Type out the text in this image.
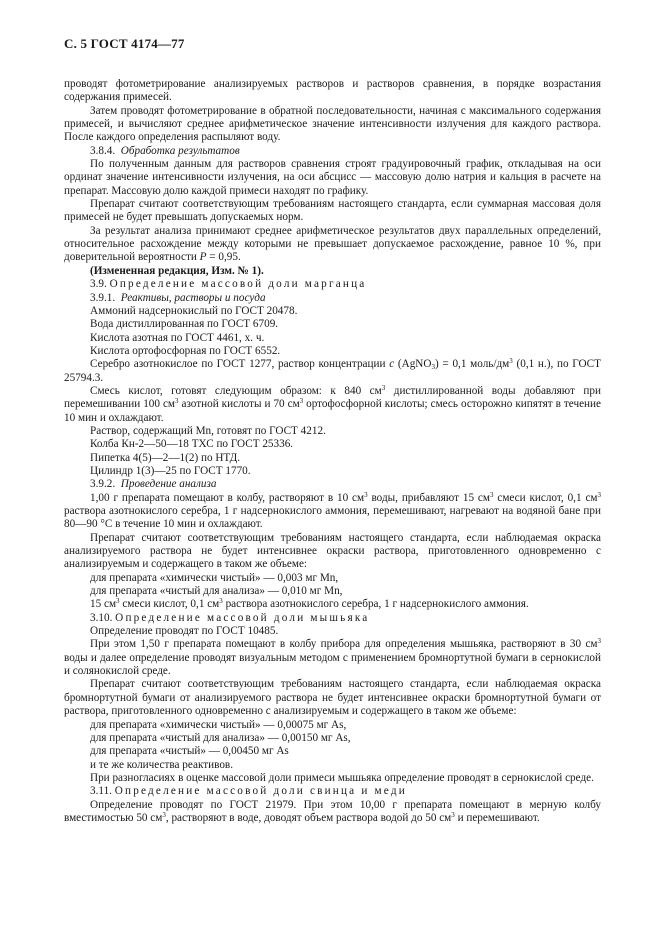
С. 5 ГОСТ 4174—77

проводят фотометрирование анализируемых растворов и растворов сравнения, в порядке возрастания содержания примесей.

Затем проводят фотометрирование в обратной последовательности, начиная с максимального содержания примесей, и вычисляют среднее арифметическое значение интенсивности излучения для каждого раствора. После каждого определения распыляют воду.

3.8.4. Обработка результатов

По полученным данным для растворов сравнения строят градуировочный график, откладывая на оси ординат значение интенсивности излучения, на оси абсцисс — массовую долю натрия и кальция в расчете на препарат. Массовую долю каждой примеси находят по графику.

Препарат считают соответствующим требованиям настоящего стандарта, если суммарная массовая доля примесей не будет превышать допускаемых норм.

За результат анализа принимают среднее арифметическое результатов двух параллельных определений, относительное расхождение между которыми не превышает допускаемое расхождение, равное 10 %, при доверительной вероятности P = 0,95.

(Измененная редакция, Изм. № 1).

3.9. Определение массовой доли марганца

3.9.1. Реактивы, растворы и посуда

Аммоний надсернокислый по ГОСТ 20478.

Вода дистиллированная по ГОСТ 6709.

Кислота азотная по ГОСТ 4461, х. ч.

Кислота ортофосфорная по ГОСТ 6552.

Серебро азотнокислое по ГОСТ 1277, раствор концентрации c (AgNO$_3$) = 0,1 моль/$дм^3$ (0,1 н.), по ГОСТ 25794.3.

Смесь кислот, готовят следующим образом: к 840 $см^3$ дистиллированной воды добавляют при перемешивании 100 $см^3$ азотной кислоты и 70 $см^3$ ортофосфорной кислоты; смесь осторожно кипятят в течение 10 мин и охлаждают.

Раствор, содержащий Mn, готовят по ГОСТ 4212.

Колба Кн-2—50—18 ТХС по ГОСТ 25336.

Пипетка 4(5)—2—1(2) по НТД.

Цилиндр 1(3)—25 по ГОСТ 1770.

3.9.2. Проведение анализа

1,00 г препарата помещают в колбу, растворяют в 10 $см^3$ воды, прибавляют 15 $см^3$ смеси кислот, 0,1 $см^3$ раствора азотнокислого серебра, 1 г надсернокислого аммония, перемешивают, нагревают на водяной бане при 80—90 °С в течение 10 мин и охлаждают.

Препарат считают соответствующим требованиям настоящего стандарта, если наблюдаемая окраска анализируемого раствора не будет интенсивнее окраски раствора, приготовленного одновременно с анализируемым и содержащего в таком же объеме:

для препарата «химически чистый» — 0,003 мг Mn,

для препарата «чистый для анализа» — 0,010 мг Mn,

15 $см^3$ смеси кислот, 0,1 $см^3$ раствора азотнокислого серебра, 1 г надсернокислого аммония.

3.10. Определение массовой доли мышьяка

Определение проводят по ГОСТ 10485.

При этом 1,50 г препарата помещают в колбу прибора для определения мышьяка, растворяют в 30 $см^3$ воды и далее определение проводят визуальным методом с применением бромнортутной бумаги в сернокислой и солянокислой среде.

Препарат считают соответствующим требованиям настоящего стандарта, если наблюдаемая окраска бромнортутной бумаги от анализируемого раствора не будет интенсивнее окраски бромнортутной бумаги от раствора, приготовленного одновременно с анализируемым и содержащего в таком же объеме:

для препарата «химически чистый» — 0,00075 мг As,

для препарата «чистый для анализа» — 0,00150 мг As,

для препарата «чистый» — 0,00450 мг As

и те же количества реактивов.

При разногласиях в оценке массовой доли примеси мышьяка определение проводят в сернокислой среде.

3.11. Определение массовой доли свинца и меди

Определение проводят по ГОСТ 21979. При этом 10,00 г препарата помещают в мерную колбу вместимостью 50 $см^3$, растворяют в воде, доводят объем раствора водой до 50 $см^3$ и перемешивают.
